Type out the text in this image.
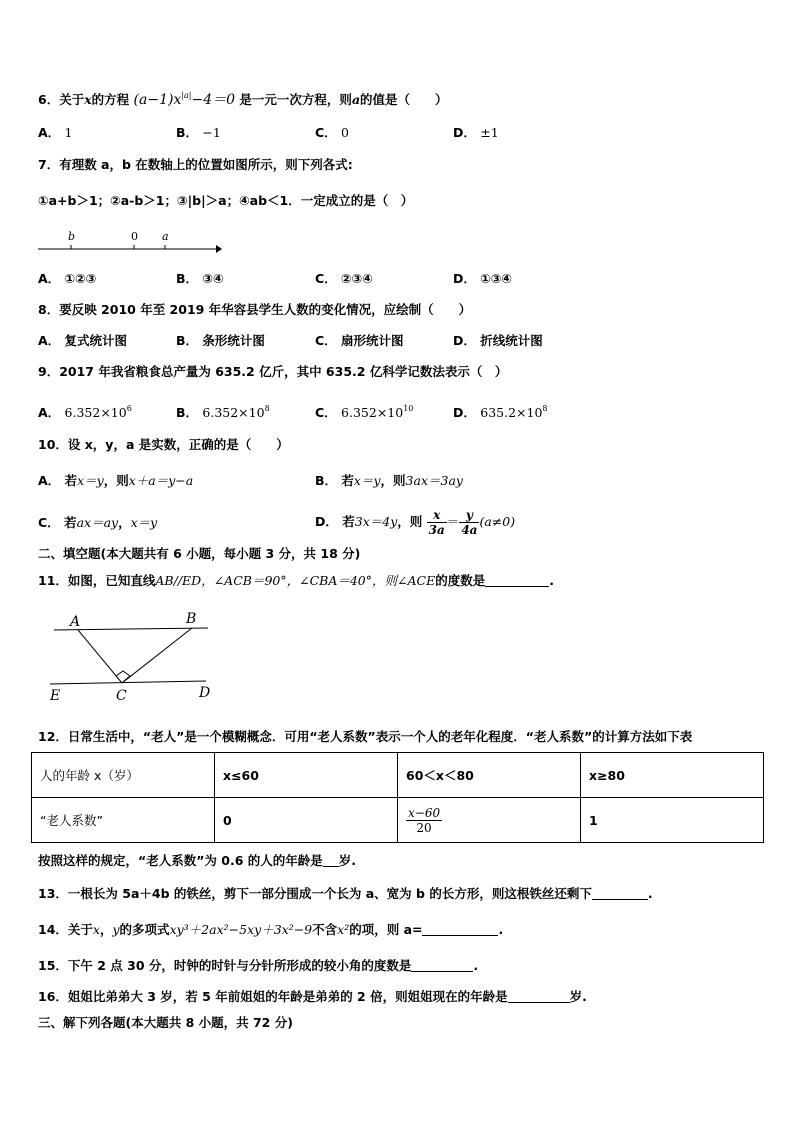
6．关于x的方程 $(a-1)x^{|a|}-4=0$ 是一元一次方程，则a的值是（　　）
A． 1	B． −1	C． 0	D． ±1
7．有理数 a，b 在数轴上的位置如图所示，则下列各式:
①a+b＞1；②a-b＞1；③|b|＞a；④ab＜1．一定成立的是（　）
b	0 a
A． ①②③	B． ③④	C． ②③④	D． ①③④
8．要反映 2010 年至 2019 年华容县学生人数的变化情况，应绘制（　　）
A． 复式统计图	B． 条形统计图	C． 扇形统计图	D． 折线统计图
9．2017 年我省粮食总产量为 635.2 亿斤，其中 635.2 亿科学记数法表示（　）
A． $6.352\times 10^6$	B． $6.352\times 10^8$	C． $6.352\times 10^{10}$	D． $635.2\times 10^8$
10．设 x，y，a 是实数，正确的是（　　）
A． 若x＝y，则x＋a＝y−a	B． 若x＝y，则3ax＝3ay
C． 若ax＝ay，x＝y	D． 若3x＝4y，则 $\frac{x}{3a} = \frac{y}{4a} (a\ne 0)$
二、填空题(本大题共有 6 小题，每小题 3 分，共 18 分)
11．如图，已知直线AB//ED，∠ACB＝90°，∠CBA＝40°，则∠ACE的度数是	.
A	B
C	D
E
12．日常生活中，“老人”是一个模糊概念．可用“老人系数”表示一个人的老年化程度．“老人系数”的计算方法如下表
人的年龄 x（岁）	x≤60	60＜x＜80	x≥80
“老人系数”	0	$\frac{x-60}{20}$	1
按照这样的规定，“老人系数”为 0.6 的人的年龄是 岁.
13．一根长为 5a＋4b 的铁丝，剪下一部分围成一个长为 a、宽为 b 的长方形，则这根铁丝还剩下	.
14．关于x，y的多项式xy³＋2ax²−5xy＋3x²−9不含x²的项，则 a=	.
15．下午 2 点 30 分，时钟的时针与分针所形成的较小角的度数是	.
16．姐姐比弟弟大 3 岁，若 5 年前姐姐的年龄是弟弟的 2 倍，则姐姐现在的年龄是	岁.
三、解下列各题(本大题共 8 小题，共 72 分)
